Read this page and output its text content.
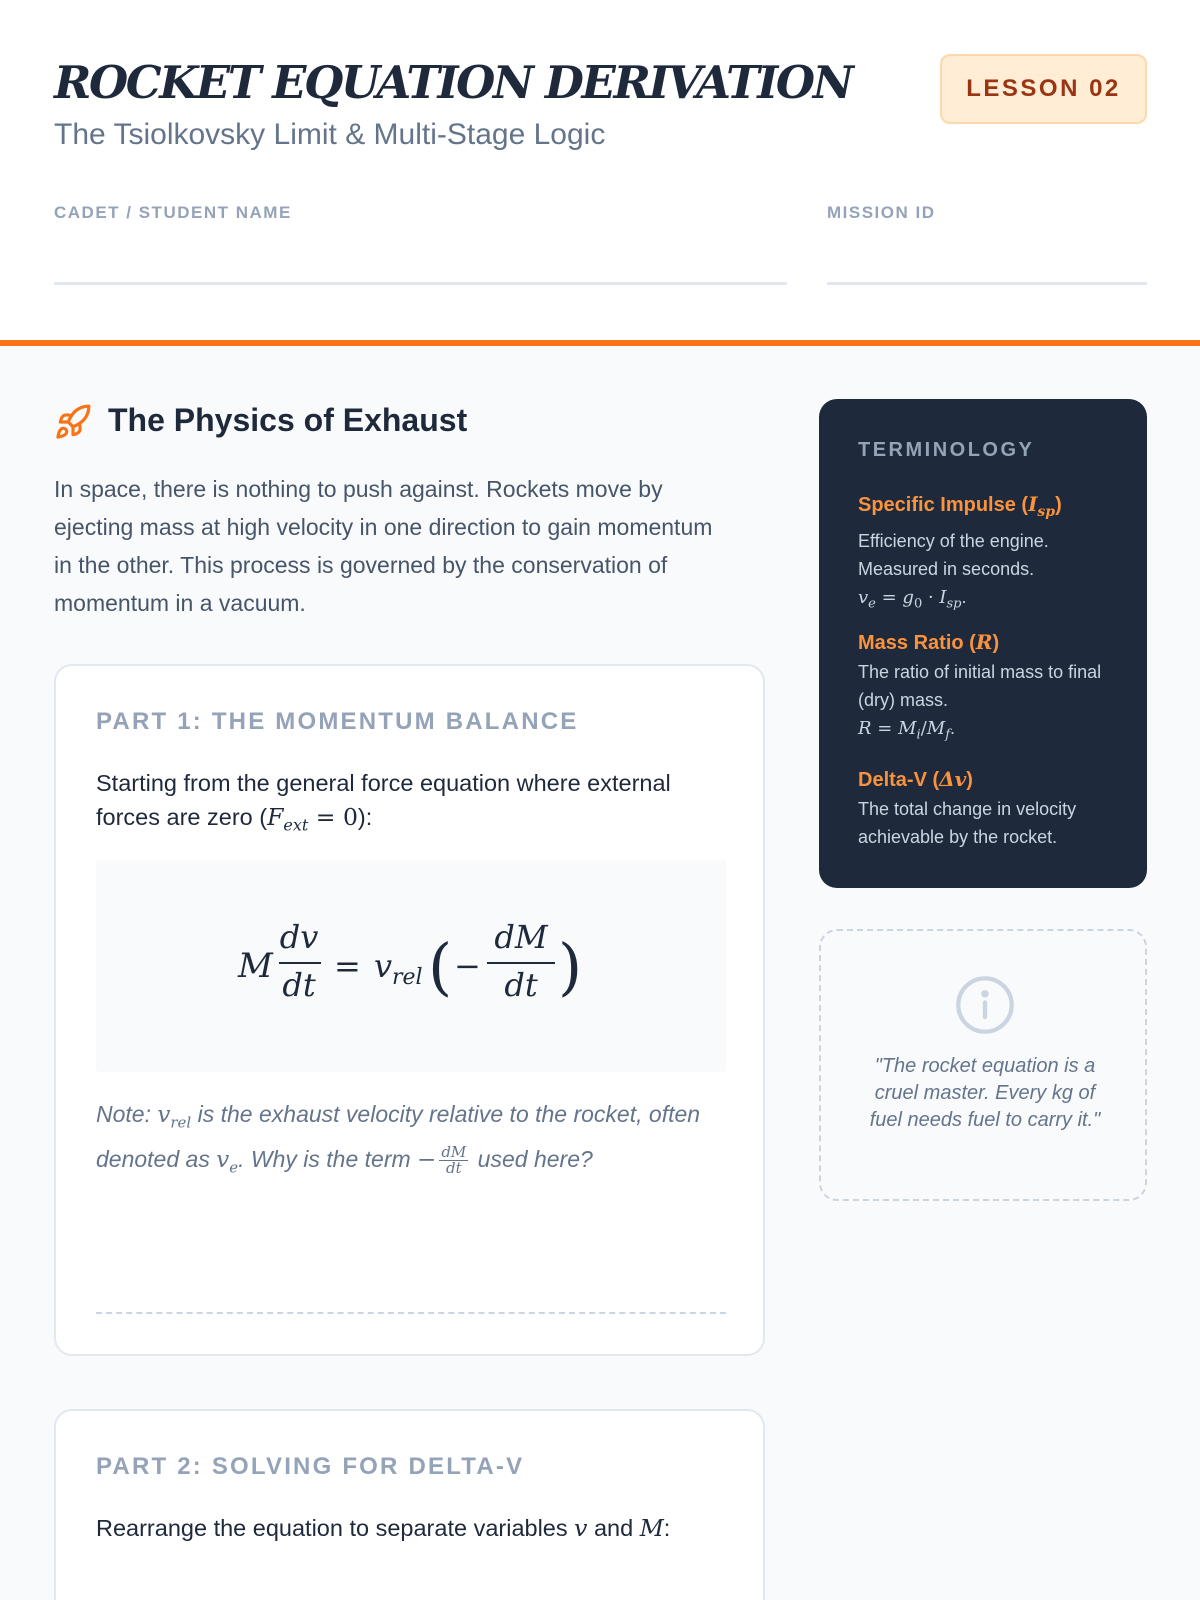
ROCKET EQUATION DERIVATION
The Tsiolkovsky Limit & Multi-Stage Logic
LESSON 02
CADET / STUDENT NAME	MISSION ID
The Physics of Exhaust
In space, there is nothing to push against. Rockets move by ejecting mass at high velocity in one direction to gain momentum in the other. This process is governed by the conservation of momentum in a vacuum.
PART 1: THE MOMENTUM BALANCE
Starting from the general force equation where external forces are zero $(F_{ext} = 0)$:
M
dv
dt = v rel ( −
dM
dt )
Note: $v_{rel}$ is the exhaust velocity relative to the rocket, often denoted as $v_e$. Why is the term − $\frac{dM}{dt}$ used here?
PART 2: SOLVING FOR DELTA-V
Rearrange the equation to separate variables v and M:
TERMINOLOGY
Specific Impulse $(I_{sp})$
Efficiency of the engine. Measured in seconds.
$v_e = g_0 \cdot I_{sp}$.
Mass Ratio (R)
The ratio of initial mass to final (dry) mass.
$R = M_i/M_f$.
Delta-V (Δv)
The total change in velocity achievable by the rocket.
"The rocket equation is a cruel master. Every kg of fuel needs fuel to carry it."
